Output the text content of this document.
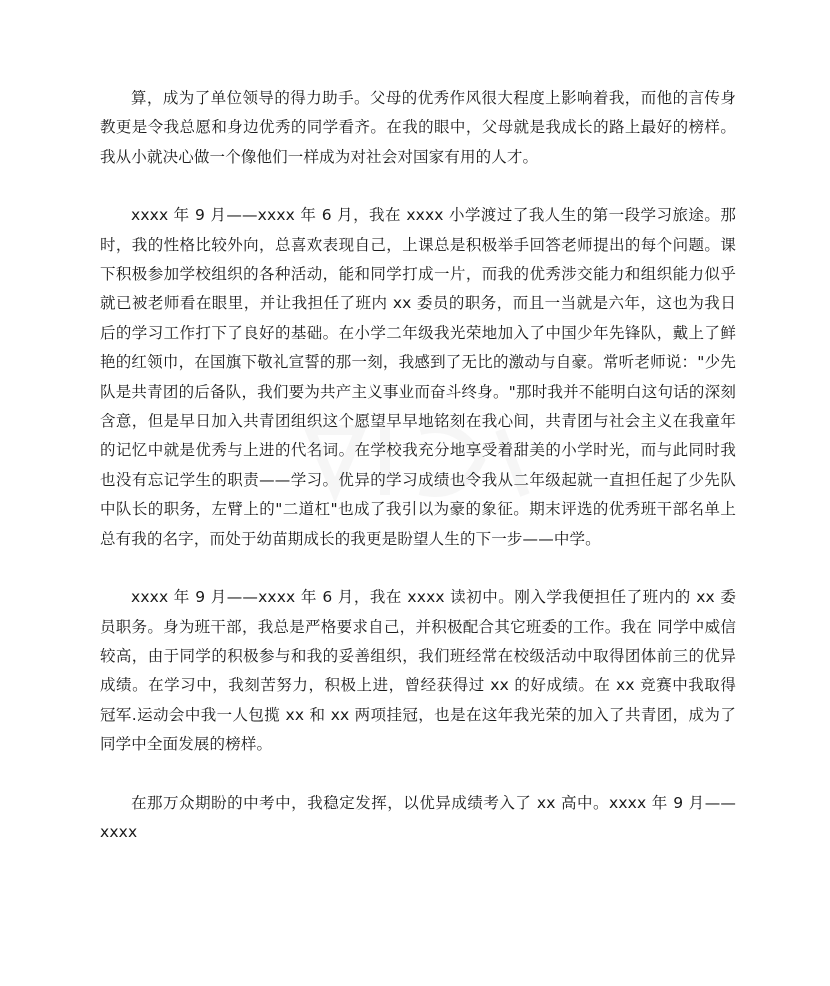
算，成为了单位领导的得力助手。父母的优秀作风很大程度上影响着我，而他的言传身教更是令我总愿和身边优秀的同学看齐。在我的眼中，父母就是我成长的路上最好的榜样。我从小就决心做一个像他们一样成为对社会对国家有用的人才。

xxxx 年 9 月——xxxx 年 6 月，我在 xxxx 小学渡过了我人生的第一段学习旅途。那时，我的性格比较外向，总喜欢表现自己，上课总是积极举手回答老师提出的每个问题。课下积极参加学校组织的各种活动，能和同学打成一片，而我的优秀涉交能力和组织能力似乎就已被老师看在眼里，并让我担任了班内 xx 委员的职务，而且一当就是六年，这也为我日后的学习工作打下了良好的基础。在小学二年级我光荣地加入了中国少年先锋队，戴上了鲜艳的红领巾，在国旗下敬礼宣誓的那一刻，我感到了无比的激动与自豪。常听老师说："少先队是共青团的后备队，我们要为共产主义事业而奋斗终身。"那时我并不能明白这句话的深刻含意，但是早日加入共青团组织这个愿望早早地铭刻在我心间，共青团与社会主义在我童年的记忆中就是优秀与上进的代名词。在学校我充分地享受着甜美的小学时光，而与此同时我也没有忘记学生的职责——学习。优异的学习成绩也令我从二年级起就一直担任起了少先队中队长的职务，左臂上的"二道杠"也成了我引以为豪的象征。期末评选的优秀班干部名单上总有我的名字，而处于幼苗期成长的我更是盼望人生的下一步——中学。

xxxx 年 9 月——xxxx 年 6 月，我在 xxxx 读初中。刚入学我便担任了班内的 xx 委员职务。身为班干部，我总是严格要求自己，并积极配合其它班委的工作。我在 同学中威信较高，由于同学的积极参与和我的妥善组织，我们班经常在校级活动中取得团体前三的优异成绩。在学习中，我刻苦努力，积极上进，曾经获得过 xx 的好成绩。在 xx 竞赛中我取得冠军.运动会中我一人包揽 xx 和 xx 两项挂冠，也是在这年我光荣的加入了共青团，成为了同学中全面发展的榜样。

在那万众期盼的中考中，我稳定发挥，以优异成绩考入了 xx 高中。xxxx 年 9 月——xxxx
